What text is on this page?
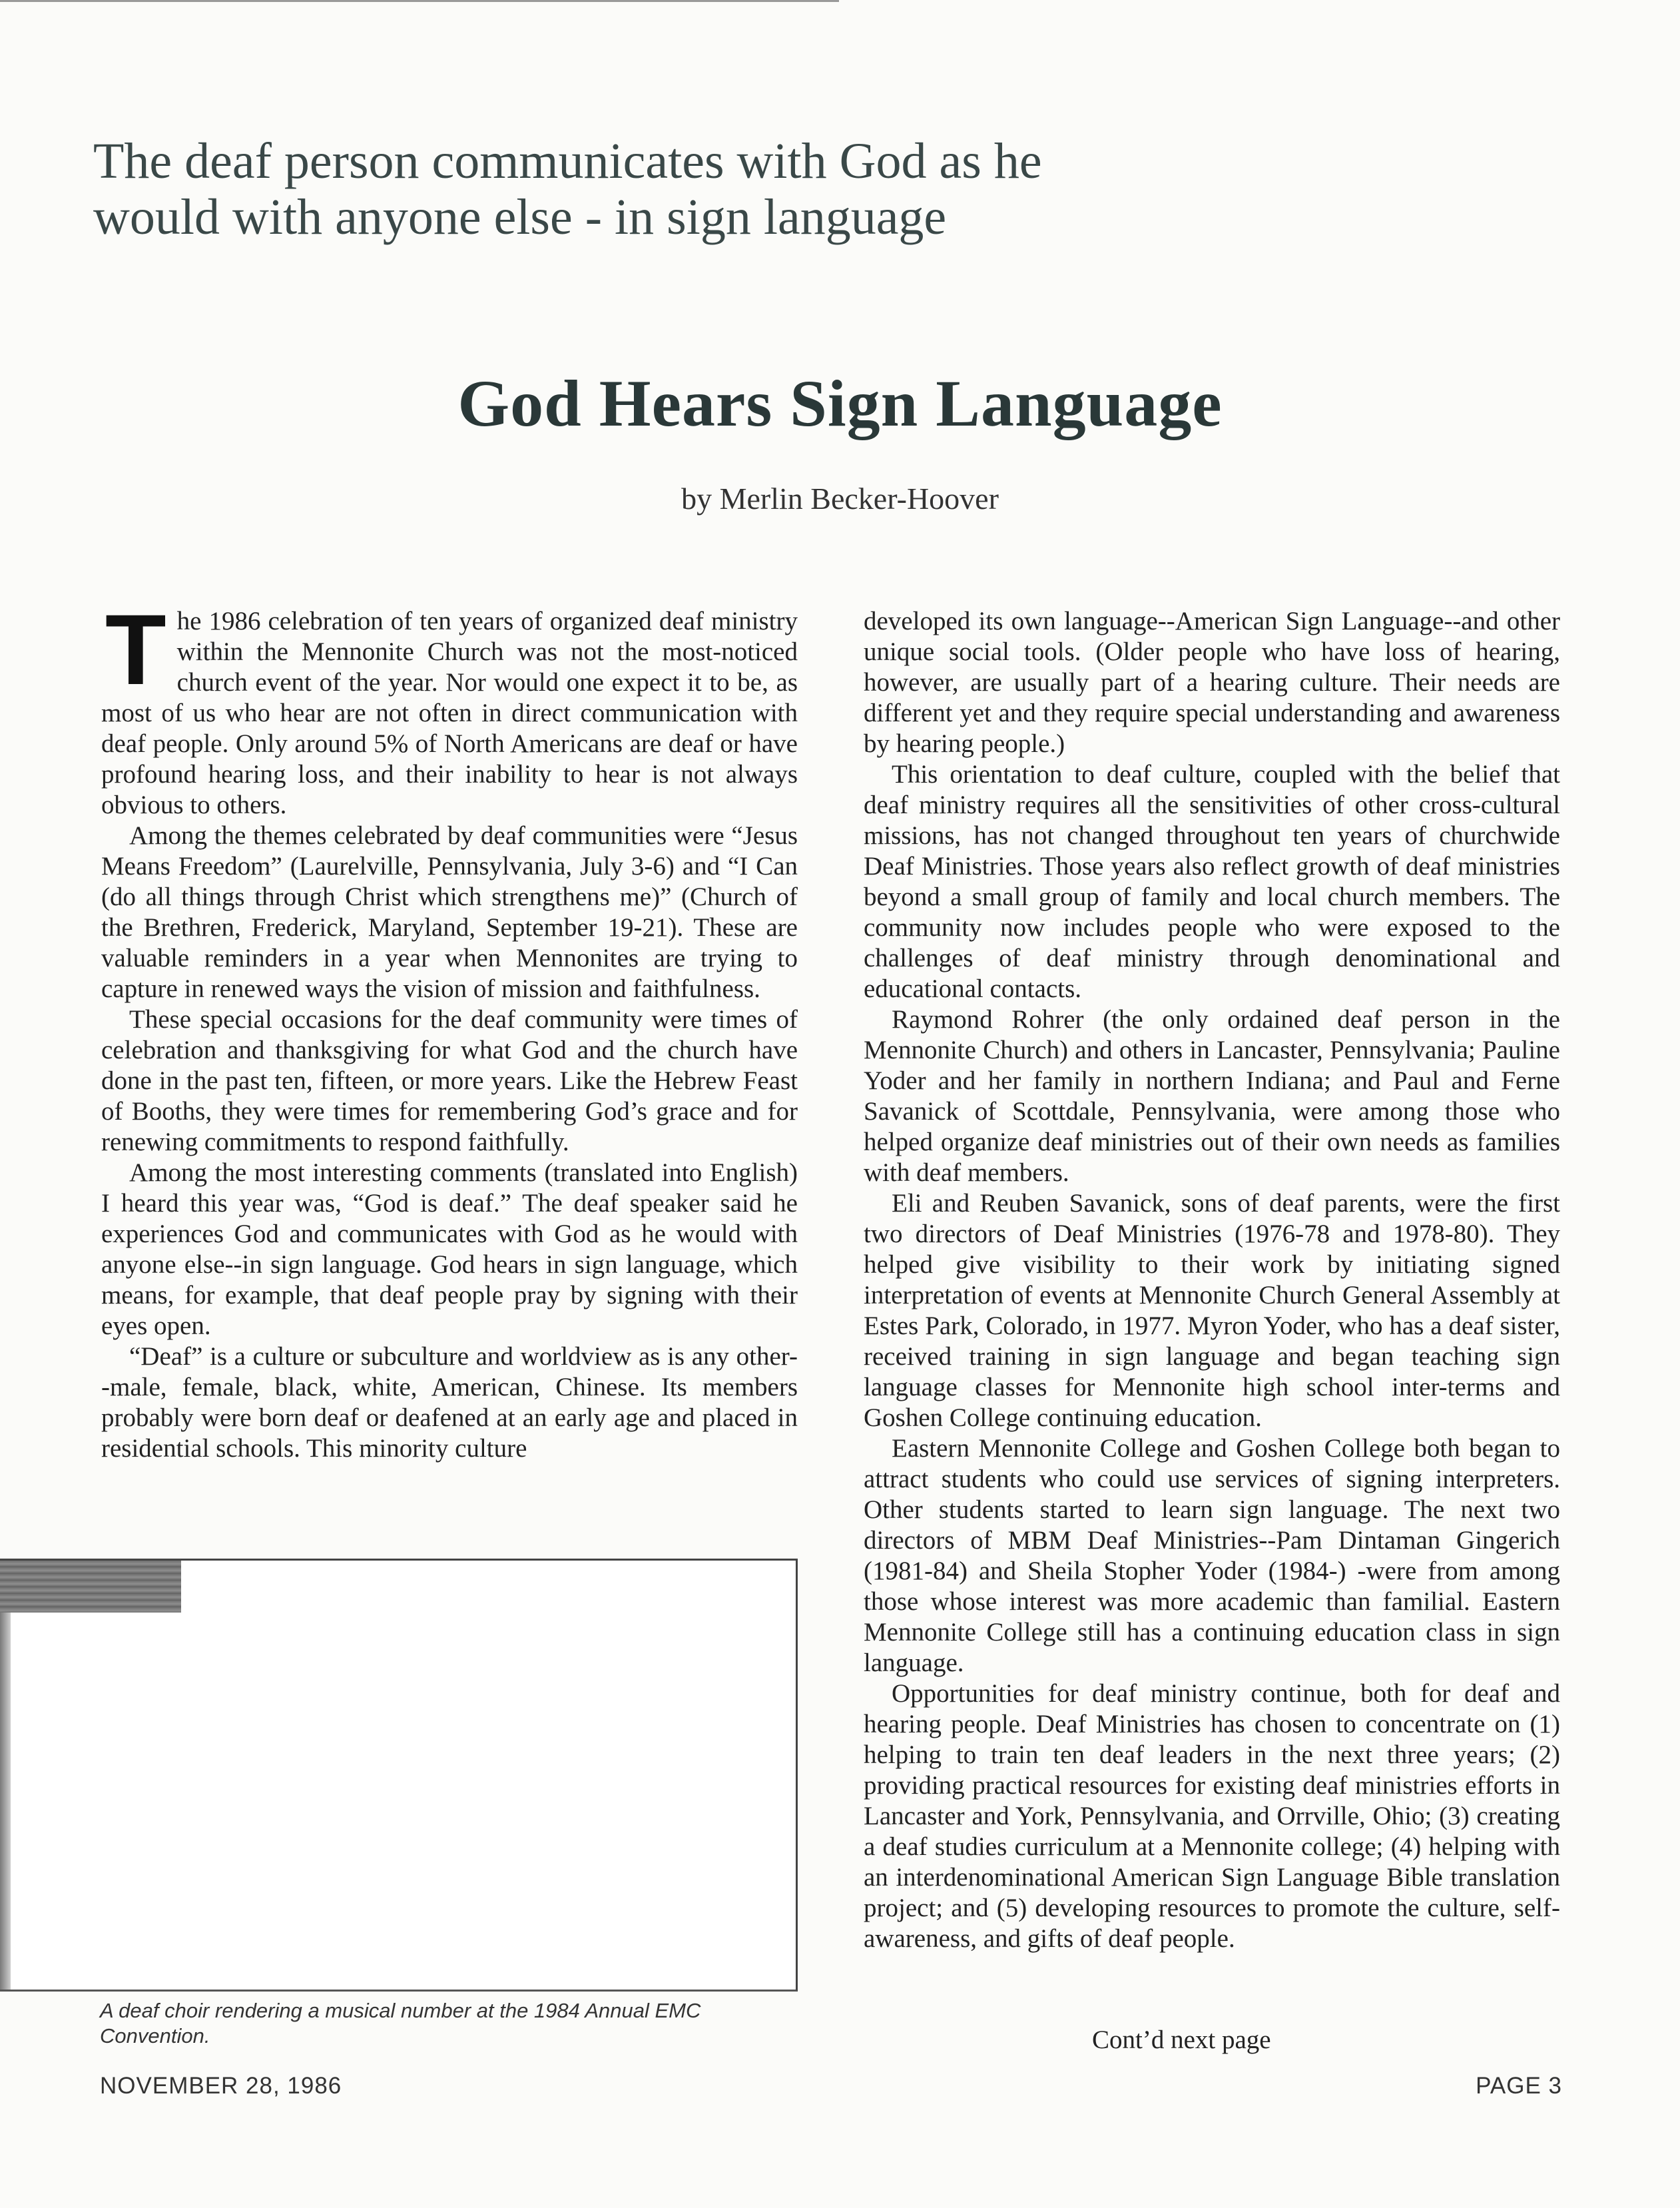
The deaf person communicates with God as he would with anyone else - in sign language
God Hears Sign Language
by Merlin Becker-Hoover

The 1986 celebration of ten years of organized deaf ministry within the Mennonite Church was not the most-noticed church event of the year. Nor would one expect it to be, as most of us who hear are not often in direct communication with deaf people. Only around 5% of North Americans are deaf or have profound hearing loss, and their inability to hear is not always obvious to others.

Among the themes celebrated by deaf communities were “Jesus Means Freedom” (Laurelville, Pennsylvania, July 3-6) and “I Can (do all things through Christ which strengthens me)” (Church of the Brethren, Frederick, Maryland, September 19-21). These are valuable reminders in a year when Mennonites are trying to capture in renewed ways the vision of mission and faithfulness.

These special occasions for the deaf community were times of celebration and thanksgiving for what God and the church have done in the past ten, fifteen, or more years. Like the Hebrew Feast of Booths, they were times for remembering God’s grace and for renewing commitments to respond faithfully.

Among the most interesting comments (translated into English) I heard this year was, “God is deaf.” The deaf speaker said he experiences God and communicates with God as he would with anyone else--in sign language. God hears in sign language, which means, for example, that deaf people pray by signing with their eyes open.

“Deaf” is a culture or subculture and worldview as is any other--male, female, black, white, American, Chinese. Its members probably were born deaf or deafened at an early age and placed in residential schools. This minority culture

developed its own language--American Sign Language--and other unique social tools. (Older people who have loss of hearing, however, are usually part of a hearing culture. Their needs are different yet and they require special understanding and awareness by hearing people.)

This orientation to deaf culture, coupled with the belief that deaf ministry requires all the sensitivities of other cross-cultural missions, has not changed throughout ten years of churchwide Deaf Ministries. Those years also reflect growth of deaf ministries beyond a small group of family and local church members. The community now includes people who were exposed to the challenges of deaf ministry through denominational and educational contacts.

Raymond Rohrer (the only ordained deaf person in the Mennonite Church) and others in Lancaster, Pennsylvania; Pauline Yoder and her family in northern Indiana; and Paul and Ferne Savanick of Scottdale, Pennsylvania, were among those who helped organize deaf ministries out of their own needs as families with deaf members.

Eli and Reuben Savanick, sons of deaf parents, were the first two directors of Deaf Ministries (1976-78 and 1978-80). They helped give visibility to their work by initiating signed interpretation of events at Mennonite Church General Assembly at Estes Park, Colorado, in 1977. Myron Yoder, who has a deaf sister, received training in sign language and began teaching sign language classes for Mennonite high school inter-terms and Goshen College continuing education.

Eastern Mennonite College and Goshen College both began to attract students who could use services of signing interpreters. Other students started to learn sign language. The next two directors of MBM Deaf Ministries--Pam Dintaman Gingerich (1981-84) and Sheila Stopher Yoder (1984-) -were from among those whose interest was more academic than familial. Eastern Mennonite College still has a continuing education class in sign language.

Opportunities for deaf ministry continue, both for deaf and hearing people. Deaf Ministries has chosen to concentrate on (1) helping to train ten deaf leaders in the next three years; (2) providing practical resources for existing deaf ministries efforts in Lancaster and York, Pennsylvania, and Orrville, Ohio; (3) creating a deaf studies curriculum at a Mennonite college; (4) helping with an interdenominational American Sign Language Bible translation project; and (5) developing resources to promote the culture, self-awareness, and gifts of deaf people.

A deaf choir rendering a musical number at the 1984 Annual EMC Convention.	Cont’d next page
NOVEMBER 28, 1986	PAGE 3
